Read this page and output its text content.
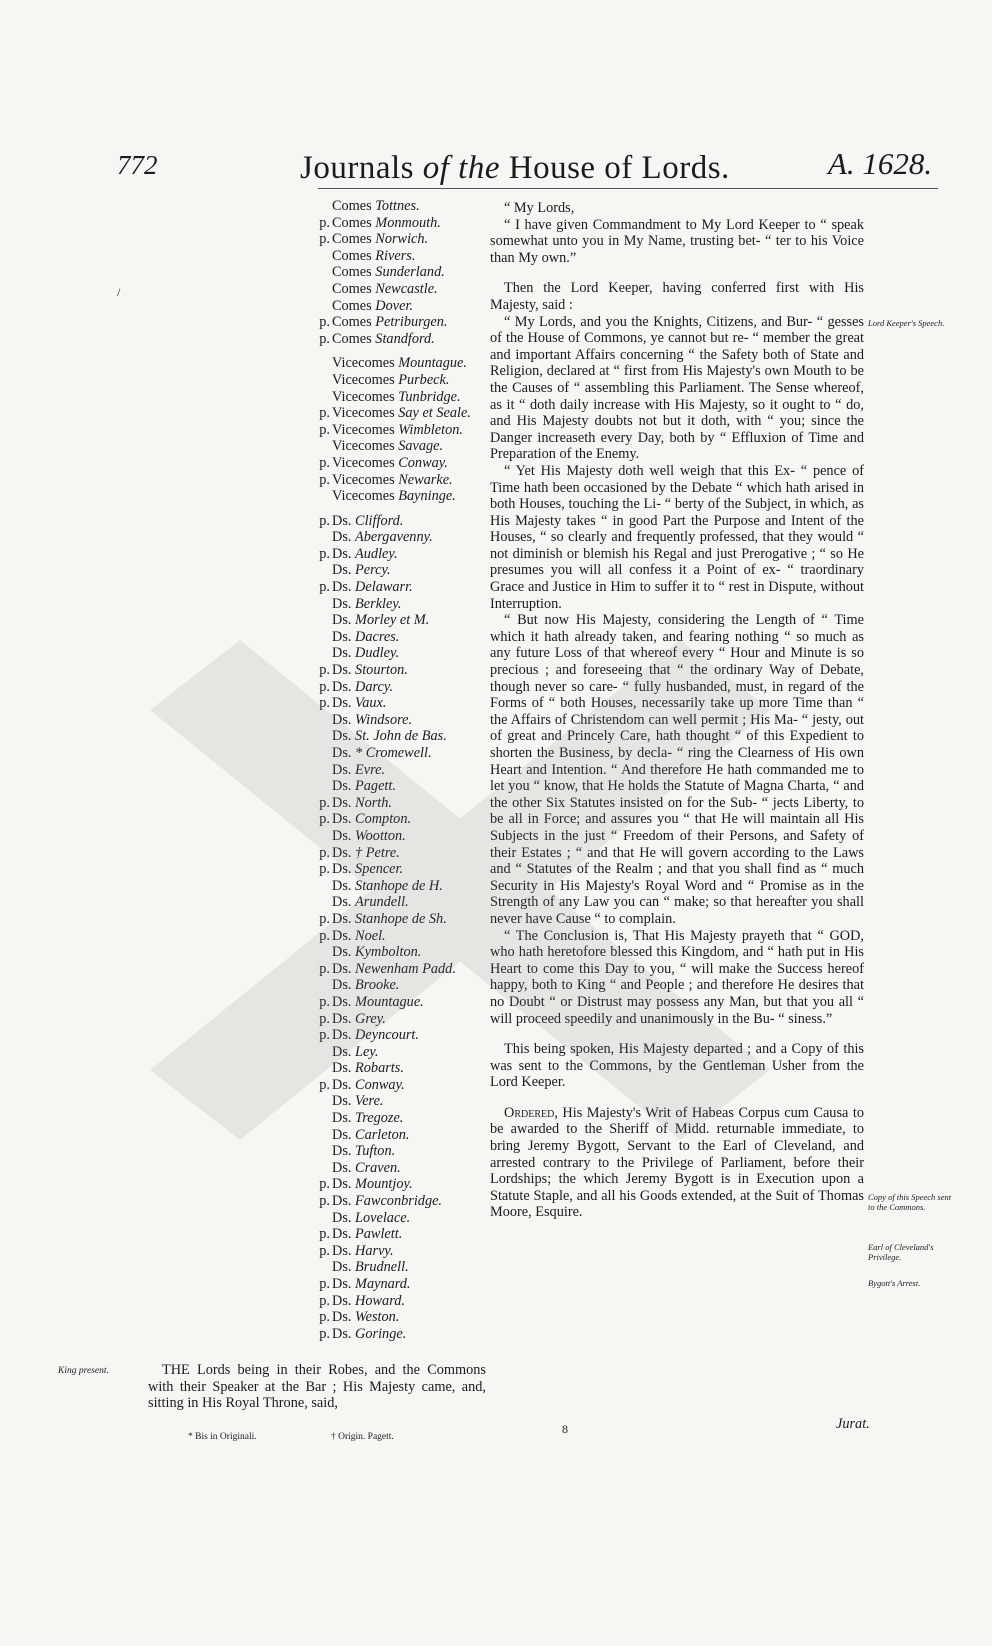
772	Journals of the House of Lords.	A. 1628.
/
Comes Tottnes.
p. Comes Monmouth.
p. Comes Norwich.
Comes Rivers.
Comes Sunderland.
Comes Newcastle.
Comes Dover.
p. Comes Petriburgen.
p. Comes Standford.
Vicecomes Mountague.
Vicecomes Purbeck.
Vicecomes Tunbridge.
p. Vicecomes Say et Seale.
p. Vicecomes Wimbleton.
Vicecomes Savage.
p. Vicecomes Conway.
p. Vicecomes Newarke.
Vicecomes Bayninge.
p. Ds. Clifford.
Ds. Abergavenny.
p. Ds. Audley.
Ds. Percy.
p. Ds. Delawarr.
Ds. Berkley.
Ds. Morley et M.
Ds. Dacres.
Ds. Dudley.
p. Ds. Stourton.
p. Ds. Darcy.
p. Ds. Vaux.
Ds. Windsore.
Ds. St. John de Bas.
Ds. * Cromewell.
Ds. Evre.
Ds. Pagett.
p. Ds. North.
p. Ds. Compton.
Ds. Wootton.
p. Ds. † Petre.
p. Ds. Spencer.
Ds. Stanhope de H.
Ds. Arundell.
p. Ds. Stanhope de Sh.
p. Ds. Noel.
Ds. Kymbolton.
p. Ds. Newenham Padd.
Ds. Brooke.
p. Ds. Mountague.
p. Ds. Grey.
p. Ds. Deyncourt.
Ds. Ley.
Ds. Robarts.
p. Ds. Conway.
Ds. Vere.
Ds. Tregoze.
Ds. Carleton.
Ds. Tufton.
Ds. Craven.
p. Ds. Mountjoy.
p. Ds. Fawconbridge.
Ds. Lovelace.
p. Ds. Pawlett.
p. Ds. Harvy.
Ds. Brudnell.
p. Ds. Maynard.
p. Ds. Howard.
p. Ds. Weston.
p. Ds. Goringe.

“ My Lords,

“ I have given Commandment to My Lord Keeper to “ speak somewhat unto you in My Name, trusting bet- “ ter to his Voice than My own.”

Then the Lord Keeper, having conferred first with His Majesty, said :

“ My Lords, and you the Knights, Citizens, and Bur- “ gesses of the House of Commons, ye cannot but re- “ member the great and important Affairs concerning “ the Safety both of State and Religion, declared at “ first from His Majesty's own Mouth to be the Causes of “ assembling this Parliament. The Sense whereof, as it “ doth daily increase with His Majesty, so it ought to “ do, and His Majesty doubts not but it doth, with “ you; since the Danger increaseth every Day, both by “ Effluxion of Time and Preparation of the Enemy.

“ Yet His Majesty doth well weigh that this Ex- “ pence of Time hath been occasioned by the Debate “ which hath arised in both Houses, touching the Li- “ berty of the Subject, in which, as His Majesty takes “ in good Part the Purpose and Intent of the Houses, “ so clearly and frequently professed, that they would “ not diminish or blemish his Regal and just Prerogative ; “ so He presumes you will all confess it a Point of ex- “ traordinary Grace and Justice in Him to suffer it to “ rest in Dispute, without Interruption.

“ But now His Majesty, considering the Length of “ Time which it hath already taken, and fearing nothing “ so much as any future Loss of that whereof every “ Hour and Minute is so precious ; and foreseeing that “ the ordinary Way of Debate, though never so care- “ fully husbanded, must, in regard of the Forms of “ both Houses, necessarily take up more Time than “ the Affairs of Christendom can well permit ; His Ma- “ jesty, out of great and Princely Care, hath thought “ of this Expedient to shorten the Business, by decla- “ ring the Clearness of His own Heart and Intention. “ And therefore He hath commanded me to let you “ know, that He holds the Statute of Magna Charta, “ and the other Six Statutes insisted on for the Sub- “ jects Liberty, to be all in Force; and assures you “ that He will maintain all His Subjects in the just “ Freedom of their Persons, and Safety of their Estates ; “ and that He will govern according to the Laws and “ Statutes of the Realm ; and that you shall find as “ much Security in His Majesty's Royal Word and “ Promise as in the Strength of any Law you can “ make; so that hereafter you shall never have Cause “ to complain.

“ The Conclusion is, That His Majesty prayeth that “ GOD, who hath heretofore blessed this Kingdom, and “ hath put in His Heart to come this Day to you, “ will make the Success hereof happy, both to King “ and People ; and therefore He desires that no Doubt “ or Distrust may possess any Man, but that you all “ will proceed speedily and unanimously in the Bu- “ siness.”

This being spoken, His Majesty departed ; and a Copy of this was sent to the Commons, by the Gentleman Usher from the Lord Keeper.

Ordered, His Majesty's Writ of Habeas Corpus cum Causa to be awarded to the Sheriff of Midd. returnable immediate, to bring Jeremy Bygott, Servant to the Earl of Cleveland, and arrested contrary to the Privilege of Parliament, before their Lordships; the which Jeremy Bygott is in Execution upon a Statute Staple, and all his Goods extended, at the Suit of Thomas Moore, Esquire.

Lord Keeper's Speech.
Copy of this Speech sent to the Commons.
Earl of Cleveland's Privilege.
Bygott's Arrest.
King present.	THE Lords being in their Robes, and the Commons with their Speaker at the Bar ; His Majesty came, and, sitting in His Royal Throne, said,

* Bis in Originali.	† Origin. Pagett.
8	Jurat.
